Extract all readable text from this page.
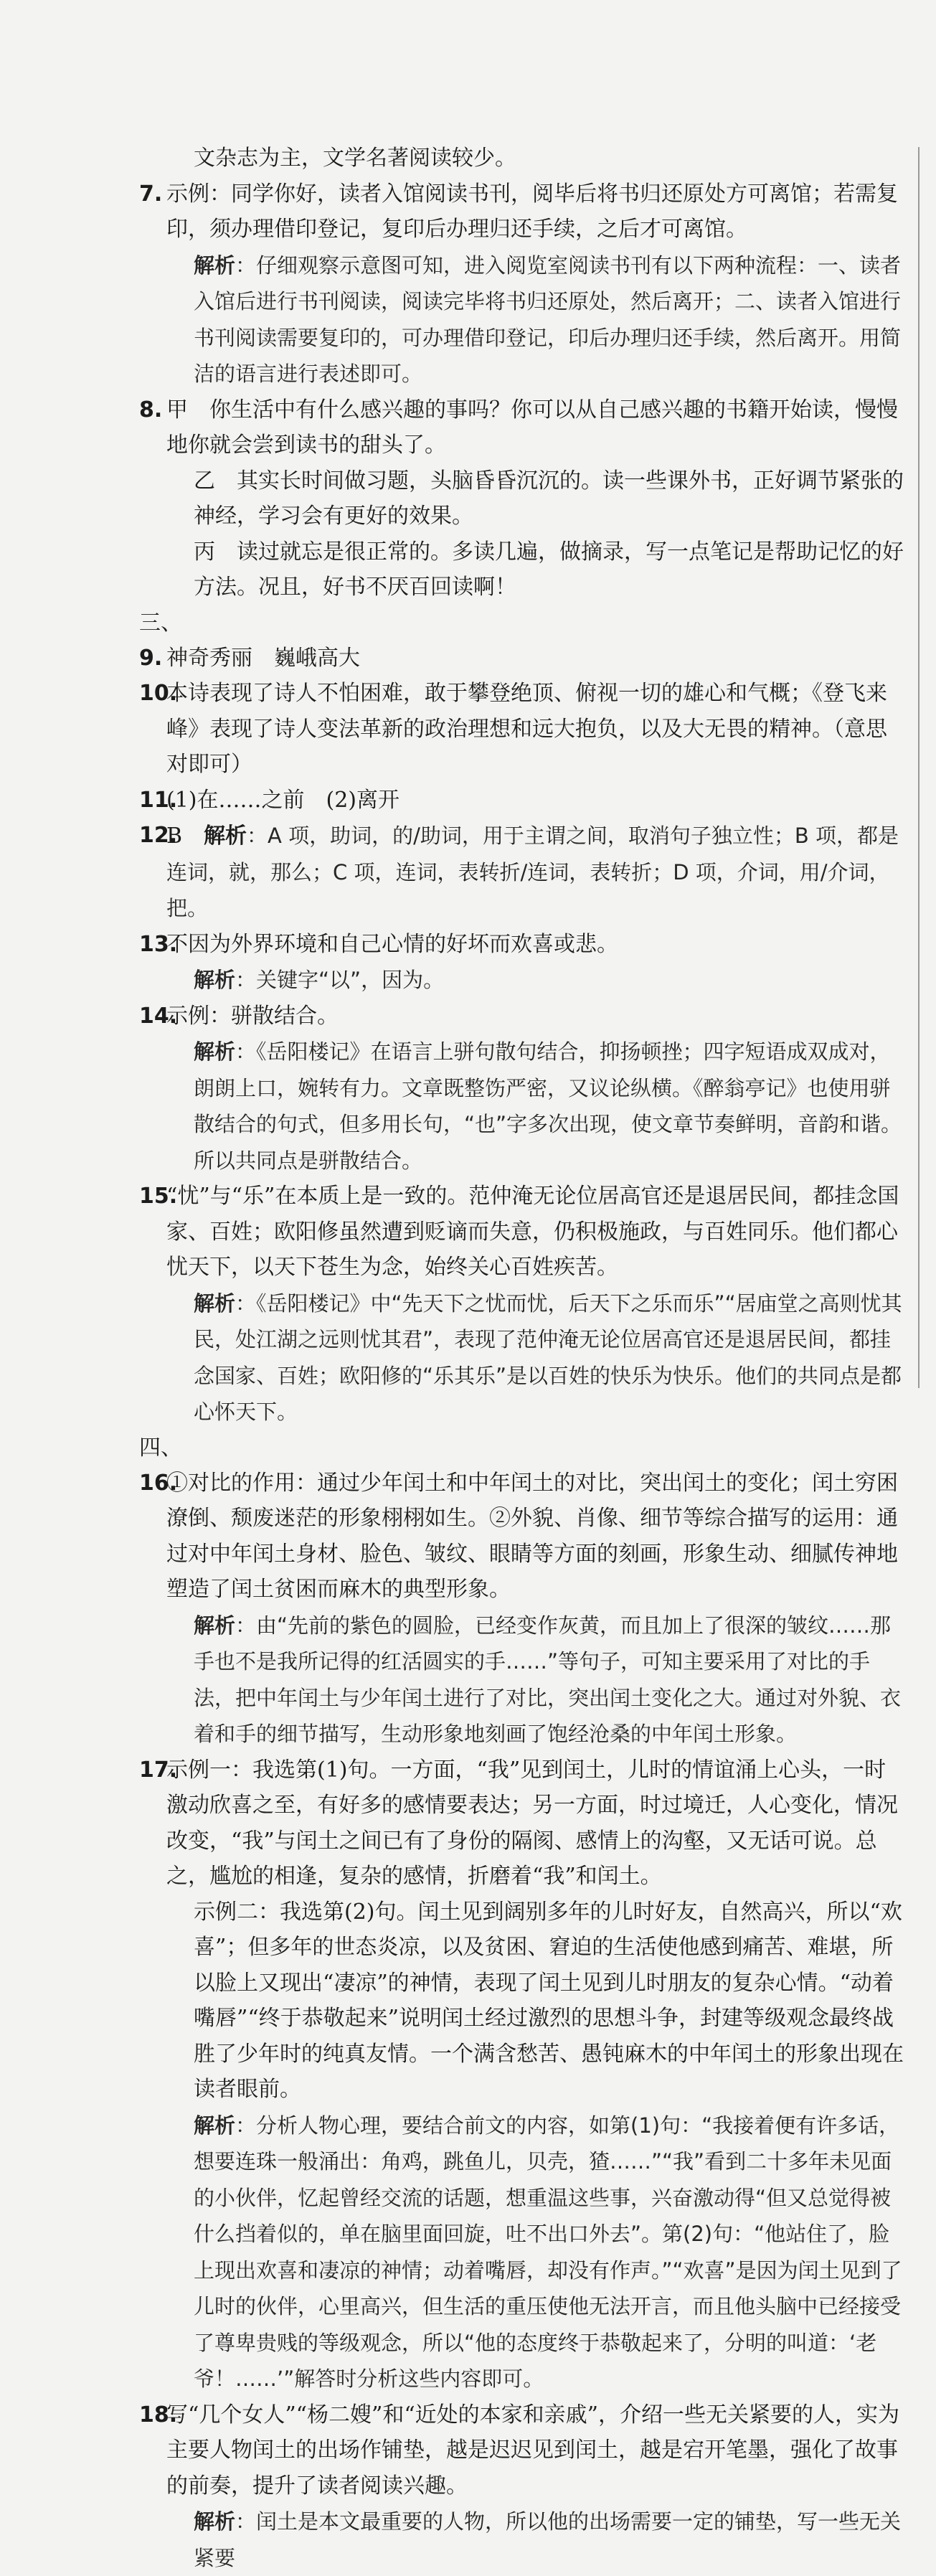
文杂志为主，文学名著阅读较少。

7. 示例：同学你好，读者入馆阅读书刊，阅毕后将书归还原处方可离馆；若需复印，须办理借印登记，复印后办理归还手续，之后才可离馆。

解析：仔细观察示意图可知，进入阅览室阅读书刊有以下两种流程：一、读者入馆后进行书刊阅读，阅读完毕将书归还原处，然后离开；二、读者入馆进行书刊阅读需要复印的，可办理借印登记，印后办理归还手续，然后离开。用简洁的语言进行表述即可。

8. 甲　你生活中有什么感兴趣的事吗？你可以从自己感兴趣的书籍开始读，慢慢地你就会尝到读书的甜头了。

乙　其实长时间做习题，头脑昏昏沉沉的。读一些课外书，正好调节紧张的神经，学习会有更好的效果。

丙　读过就忘是很正常的。多读几遍，做摘录，写一点笔记是帮助记忆的好方法。况且，好书不厌百回读啊！

三、

9. 神奇秀丽　巍峨高大

10.
本诗表现了诗人不怕困难，敢于攀登绝顶、俯视一切的雄心和气概；《登飞来峰》表现了诗人变法革新的政治理想和远大抱负，以及大无畏的精神。（意思对即可）

11.
(1)在……之前　(2)离开

12.
B　解析：A 项，助词，的/助词，用于主谓之间，取消句子独立性；B 项，都是连词，就，那么；C 项，连词，表转折/连词，表转折；D 项，介词，用/介词，把。

13.
不因为外界环境和自己心情的好坏而欢喜或悲。

解析：关键字“以”，因为。

14.
示例：骈散结合。

解析：《岳阳楼记》在语言上骈句散句结合，抑扬顿挫；四字短语成双成对，朗朗上口，婉转有力。文章既整饬严密，又议论纵横。《醉翁亭记》也使用骈散结合的句式，但多用长句，“也”字多次出现，使文章节奏鲜明，音韵和谐。所以共同点是骈散结合。

15.
“忧”与“乐”在本质上是一致的。范仲淹无论位居高官还是退居民间，都挂念国家、百姓；欧阳修虽然遭到贬谪而失意，仍积极施政，与百姓同乐。他们都心忧天下，以天下苍生为念，始终关心百姓疾苦。

解析：《岳阳楼记》中“先天下之忧而忧，后天下之乐而乐”“居庙堂之高则忧其民，处江湖之远则忧其君”，表现了范仲淹无论位居高官还是退居民间，都挂念国家、百姓；欧阳修的“乐其乐”是以百姓的快乐为快乐。他们的共同点是都心怀天下。

四、

16.
①对比的作用：通过少年闰土和中年闰土的对比，突出闰土的变化；闰土穷困潦倒、颓废迷茫的形象栩栩如生。②外貌、肖像、细节等综合描写的运用：通过对中年闰土身材、脸色、皱纹、眼睛等方面的刻画，形象生动、细腻传神地塑造了闰土贫困而麻木的典型形象。

解析：由“先前的紫色的圆脸，已经变作灰黄，而且加上了很深的皱纹……那手也不是我所记得的红活圆实的手……”等句子，可知主要采用了对比的手法，把中年闰土与少年闰土进行了对比，突出闰土变化之大。通过对外貌、衣着和手的细节描写，生动形象地刻画了饱经沧桑的中年闰土形象。

17.
示例一：我选第(1)句。一方面，“我”见到闰土，儿时的情谊涌上心头，一时激动欣喜之至，有好多的感情要表达；另一方面，时过境迁，人心变化，情况改变，“我”与闰土之间已有了身份的隔阂、感情上的沟壑，又无话可说。总之，尴尬的相逢，复杂的感情，折磨着“我”和闰土。

示例二：我选第(2)句。闰土见到阔别多年的儿时好友，自然高兴，所以“欢喜”；但多年的世态炎凉，以及贫困、窘迫的生活使他感到痛苦、难堪，所以脸上又现出“凄凉”的神情，表现了闰土见到儿时朋友的复杂心情。“动着嘴唇”“终于恭敬起来”说明闰土经过激烈的思想斗争，封建等级观念最终战胜了少年时的纯真友情。一个满含愁苦、愚钝麻木的中年闰土的形象出现在读者眼前。

解析：分析人物心理，要结合前文的内容，如第(1)句：“我接着便有许多话，想要连珠一般涌出：角鸡，跳鱼儿，贝壳，猹……”“我”看到二十多年未见面的小伙伴，忆起曾经交流的话题，想重温这些事，兴奋激动得“但又总觉得被什么挡着似的，单在脑里面回旋，吐不出口外去”。第(2)句：“他站住了，脸上现出欢喜和凄凉的神情；动着嘴唇，却没有作声。”“欢喜”是因为闰土见到了儿时的伙伴，心里高兴，但生活的重压使他无法开言，而且他头脑中已经接受了尊卑贵贱的等级观念，所以“他的态度终于恭敬起来了，分明的叫道：‘老爷！……’”解答时分析这些内容即可。

18.
写“几个女人”“杨二嫂”和“近处的本家和亲戚”，介绍一些无关紧要的人，实为主要人物闰土的出场作铺垫，越是迟迟见到闰土，越是宕开笔墨，强化了故事的前奏，提升了读者阅读兴趣。

解析：闰土是本文最重要的人物，所以他的出场需要一定的铺垫，写一些无关紧要
